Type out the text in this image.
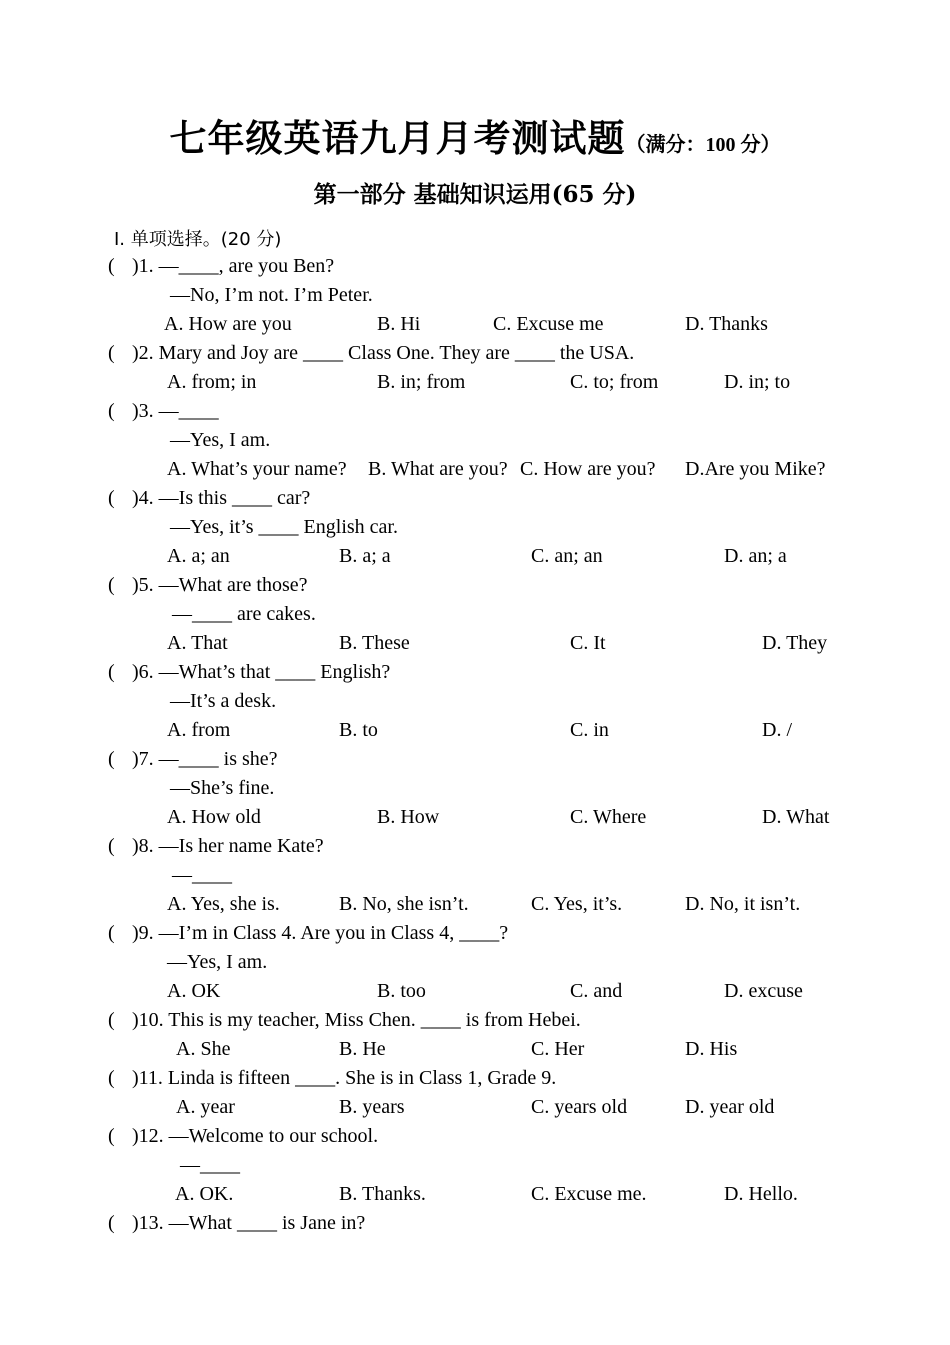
七年级英语九月月考测试题（满分：100 分）
第一部分 基础知识运用(65 分)
Ⅰ. 单项选择。(20 分)
( )1. —____, are you Ben?
—No, I’m not. I’m Peter.
A. How are you	B. Hi	C. Excuse me	D. Thanks
( )2. Mary and Joy are ____ Class One. They are ____ the USA.
A. from; in	B. in; from	C. to; from	D. in; to
( )3. —____
—Yes, I am.
A. What’s your name? B. What are you? C. How are you? D.Are you Mike?
( )4. —Is this ____ car?
—Yes, it’s ____ English car.
A. a; an	B. a; a	C. an; an	D. an; a
( )5. —What are those?
—____ are cakes.
A. That	B. These	C. It	D. They
( )6. —What’s that ____ English?
—It’s a desk.
A. from	B. to	C. in	D. /
( )7. —____ is she?
—She’s fine.
A. How old	B. How	C. Where	D. What
( )8. —Is her name Kate?
—____
A. Yes, she is.	B. No, she isn’t.	C. Yes, it’s.	D. No, it isn’t.
( )9. —I’m in Class 4. Are you in Class 4, ____?
—Yes, I am.
A. OK	B. too	C. and	D. excuse
( )10. This is my teacher, Miss Chen. ____ is from Hebei.
A. She	B. He	C. Her	D. His
( )11. Linda is fifteen ____. She is in Class 1, Grade 9.
A. year	B. years	C. years old	D. year old
( )12. —Welcome to our school.
—____
A. OK.	B. Thanks.	C. Excuse me.	D. Hello.
( )13. —What ____ is Jane in?
